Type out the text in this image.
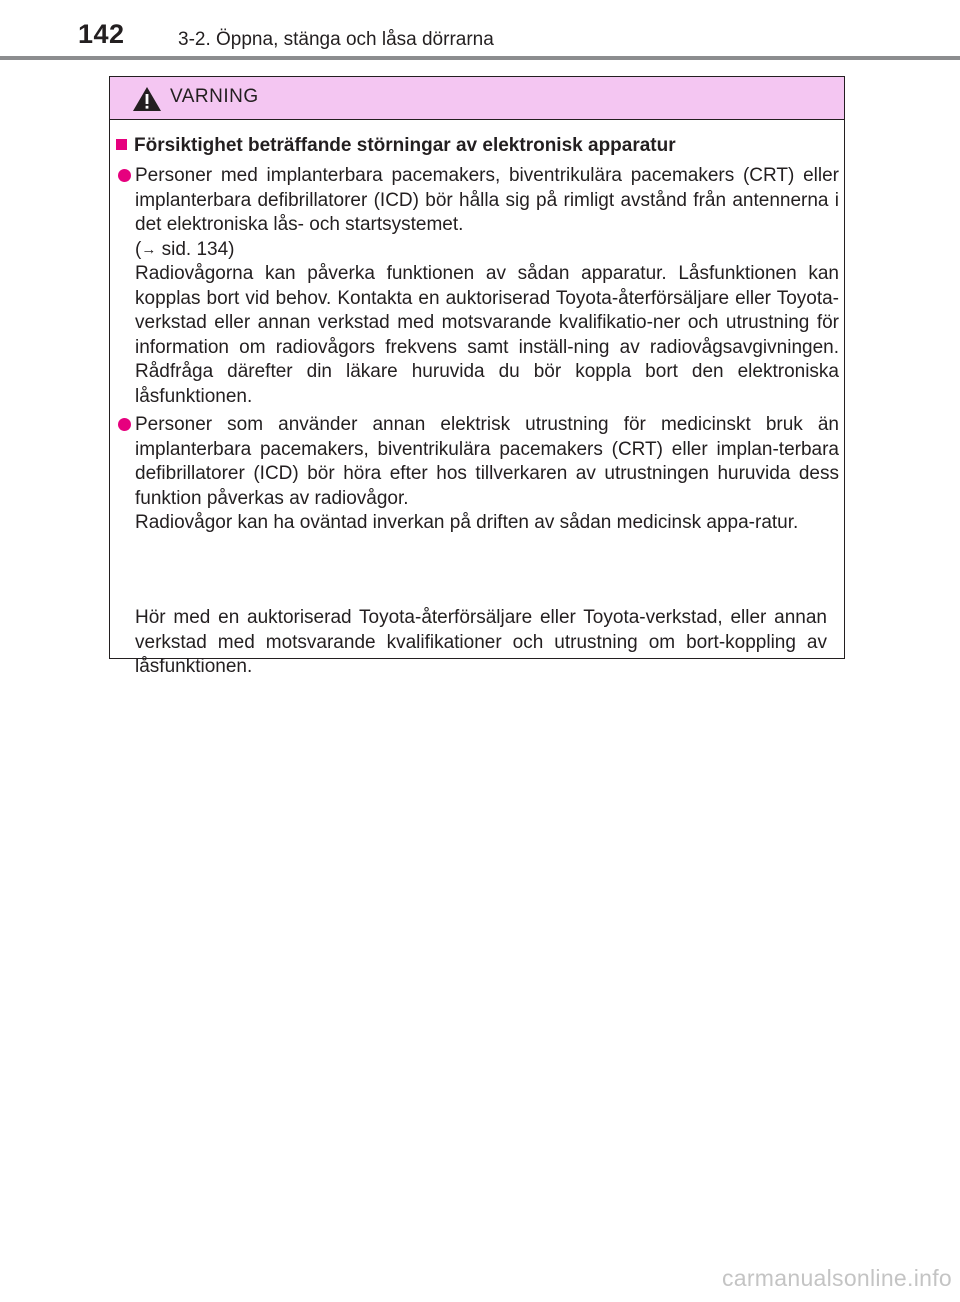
142	3-2. Öppna, stänga och låsa dörrarna
VARNING
Försiktighet beträffande störningar av elektronisk apparatur

Personer med implanterbara pacemakers, biventrikulära pacemakers (CRT) eller implanterbara defibrillatorer (ICD) bör hålla sig på rimligt avstånd från antennerna i det elektroniska lås- och startsystemet.

(→ sid. 134)

Radiovågorna kan påverka funktionen av sådan apparatur. Låsfunktionen kan kopplas bort vid behov. Kontakta en auktoriserad Toyota-återförsäljare eller Toyota-verkstad eller annan verkstad med motsvarande kvalifikatio-ner och utrustning för information om radiovågors frekvens samt inställ-ning av radiovågsavgivningen. Rådfråga därefter din läkare huruvida du bör koppla bort den elektroniska låsfunktionen.

Personer som använder annan elektrisk utrustning för medicinskt bruk än implanterbara pacemakers, biventrikulära pacemakers (CRT) eller implan-terbara defibrillatorer (ICD) bör höra efter hos tillverkaren av utrustningen huruvida dess funktion påverkas av radiovågor.

Radiovågor kan ha oväntad inverkan på driften av sådan medicinsk appa-ratur.

Hör med en auktoriserad Toyota-återförsäljare eller Toyota-verkstad, eller annan verkstad med motsvarande kvalifikationer och utrustning om bort-koppling av låsfunktionen.
carmanualsonline.info
